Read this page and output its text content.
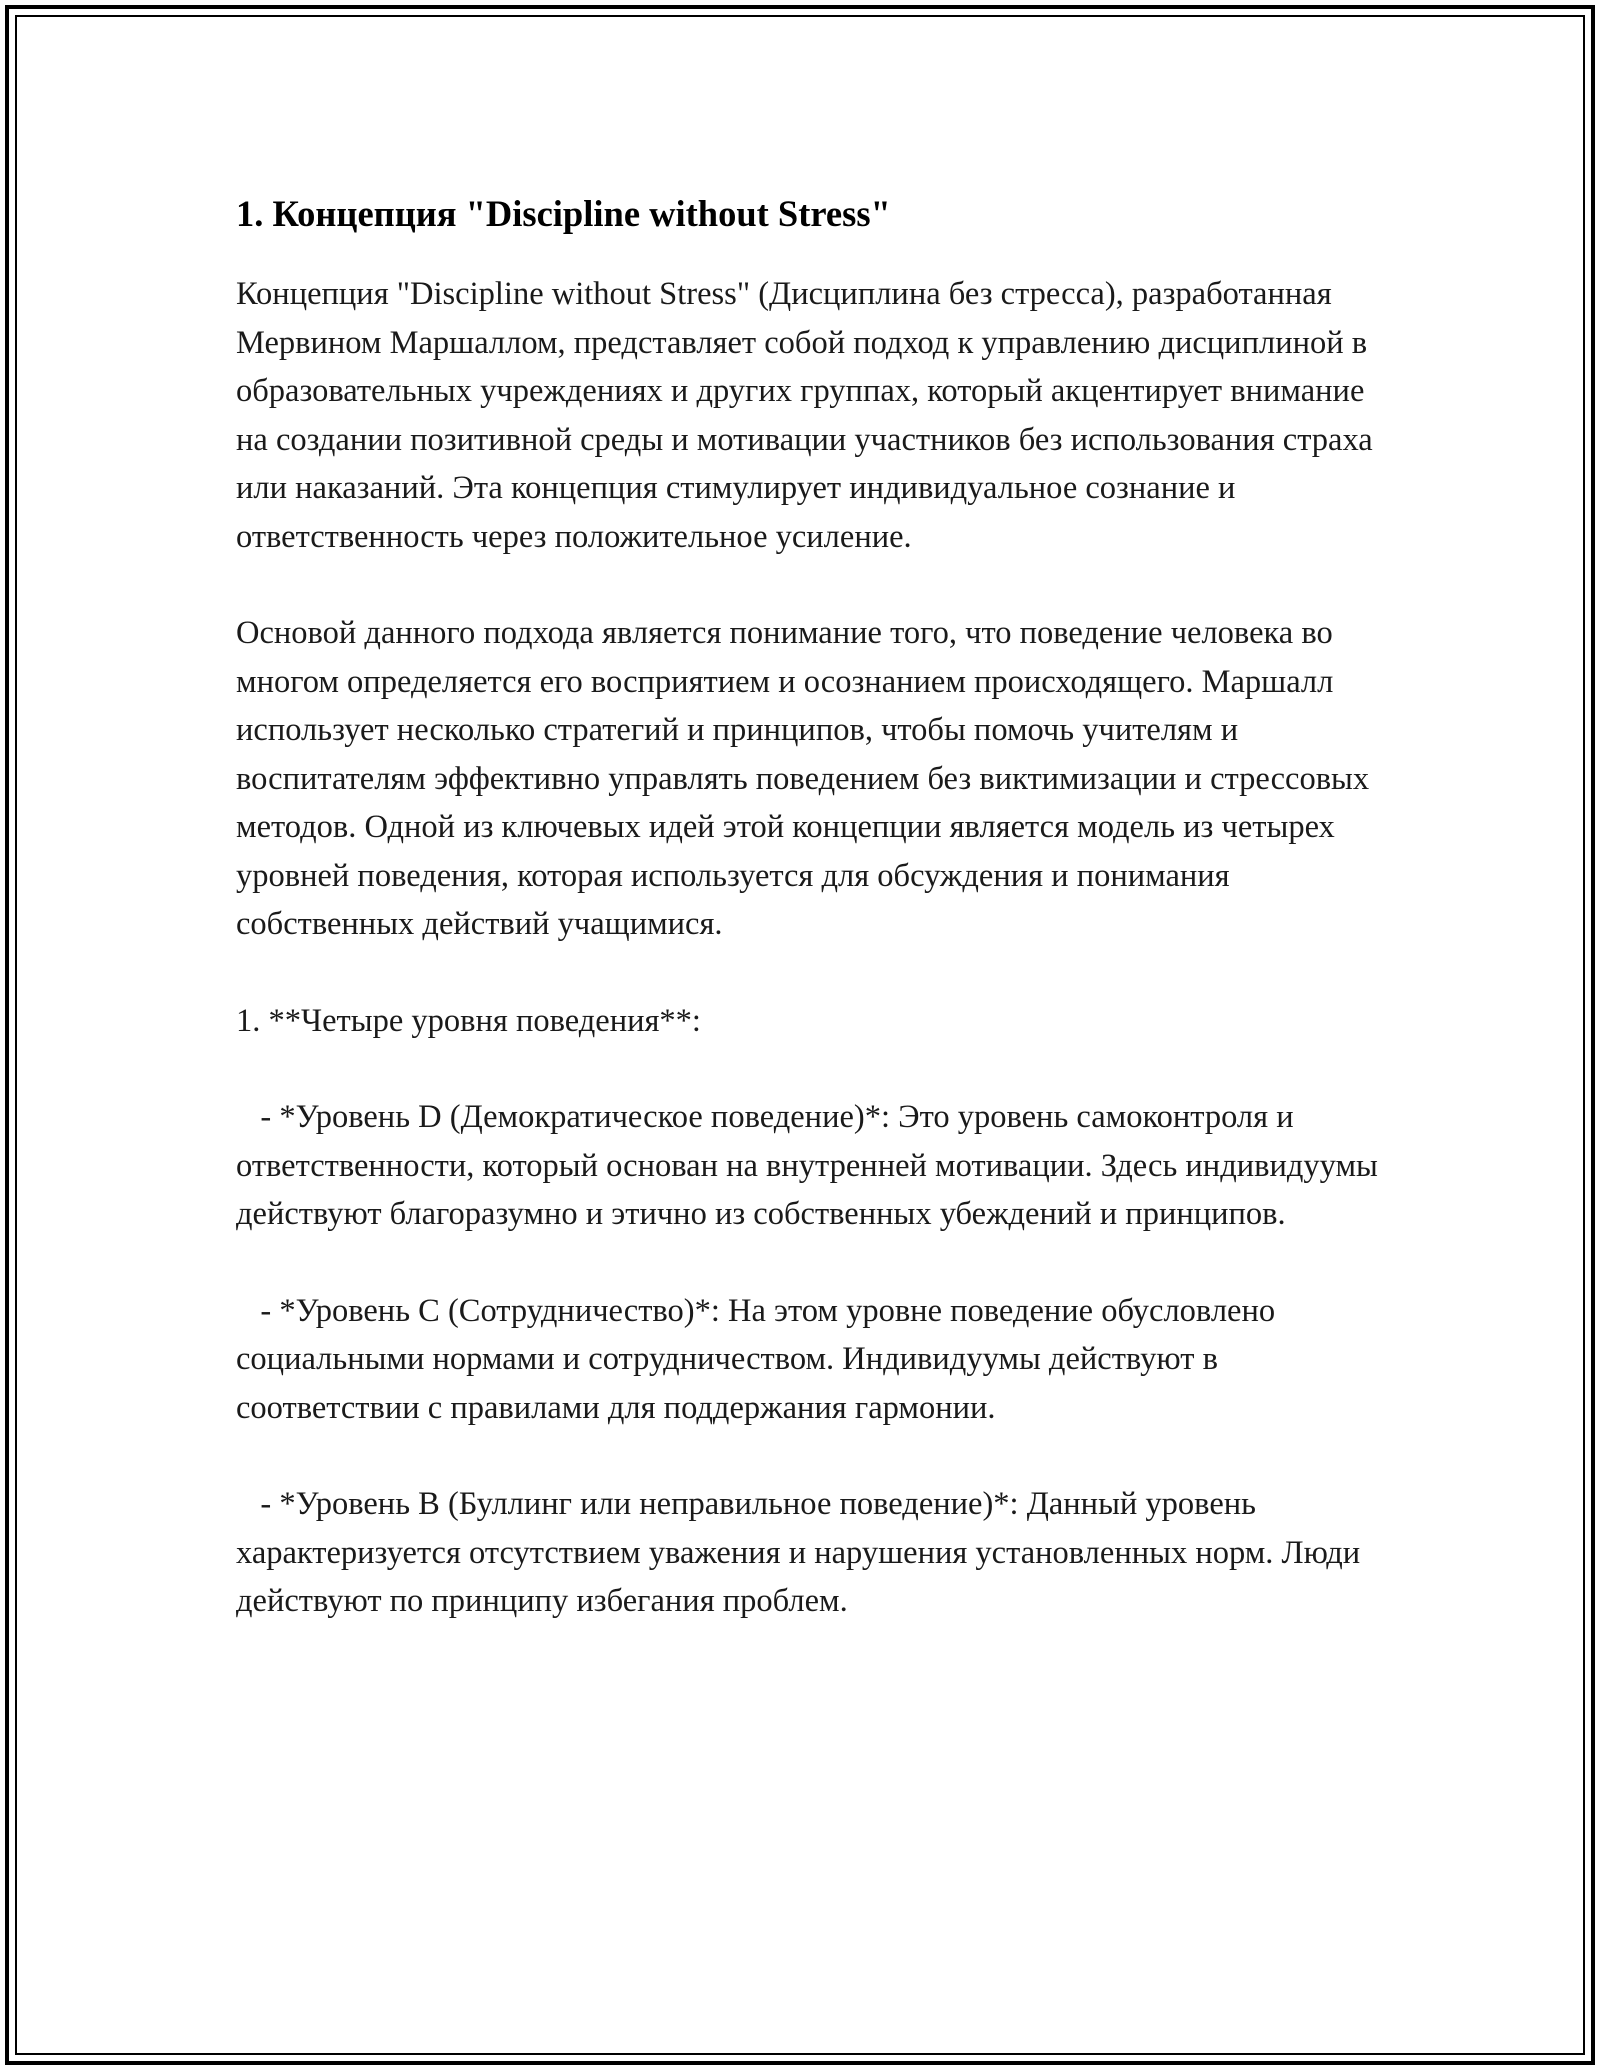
1. Концепция "Discipline without Stress"

Концепция "Discipline without Stress" (Дисциплина без стресса), разработанная Мервином Маршаллом, представляет собой подход к управлению дисциплиной в образовательных учреждениях и других группах, который акцентирует внимание на создании позитивной среды и мотивации участников без использования страха или наказаний. Эта концепция стимулирует индивидуальное сознание и ответственность через положительное усиление.

Основой данного подхода является понимание того, что поведение человека во многом определяется его восприятием и осознанием происходящего. Маршалл использует несколько стратегий и принципов, чтобы помочь учителям и воспитателям эффективно управлять поведением без виктимизации и стрессовых методов. Одной из ключевых идей этой концепции является модель из четырех уровней поведения, которая используется для обсуждения и понимания собственных действий учащимися.

1. **Четыре уровня поведения**:

- *Уровень D (Демократическое поведение)*: Это уровень самоконтроля и ответственности, который основан на внутренней мотивации. Здесь индивидуумы действуют благоразумно и этично из собственных убеждений и принципов.

- *Уровень C (Сотрудничество)*: На этом уровне поведение обусловлено социальными нормами и сотрудничеством. Индивидуумы действуют в соответствии с правилами для поддержания гармонии.

- *Уровень B (Буллинг или неправильное поведение)*: Данный уровень характеризуется отсутствием уважения и нарушения установленных норм. Люди действуют по принципу избегания проблем.
